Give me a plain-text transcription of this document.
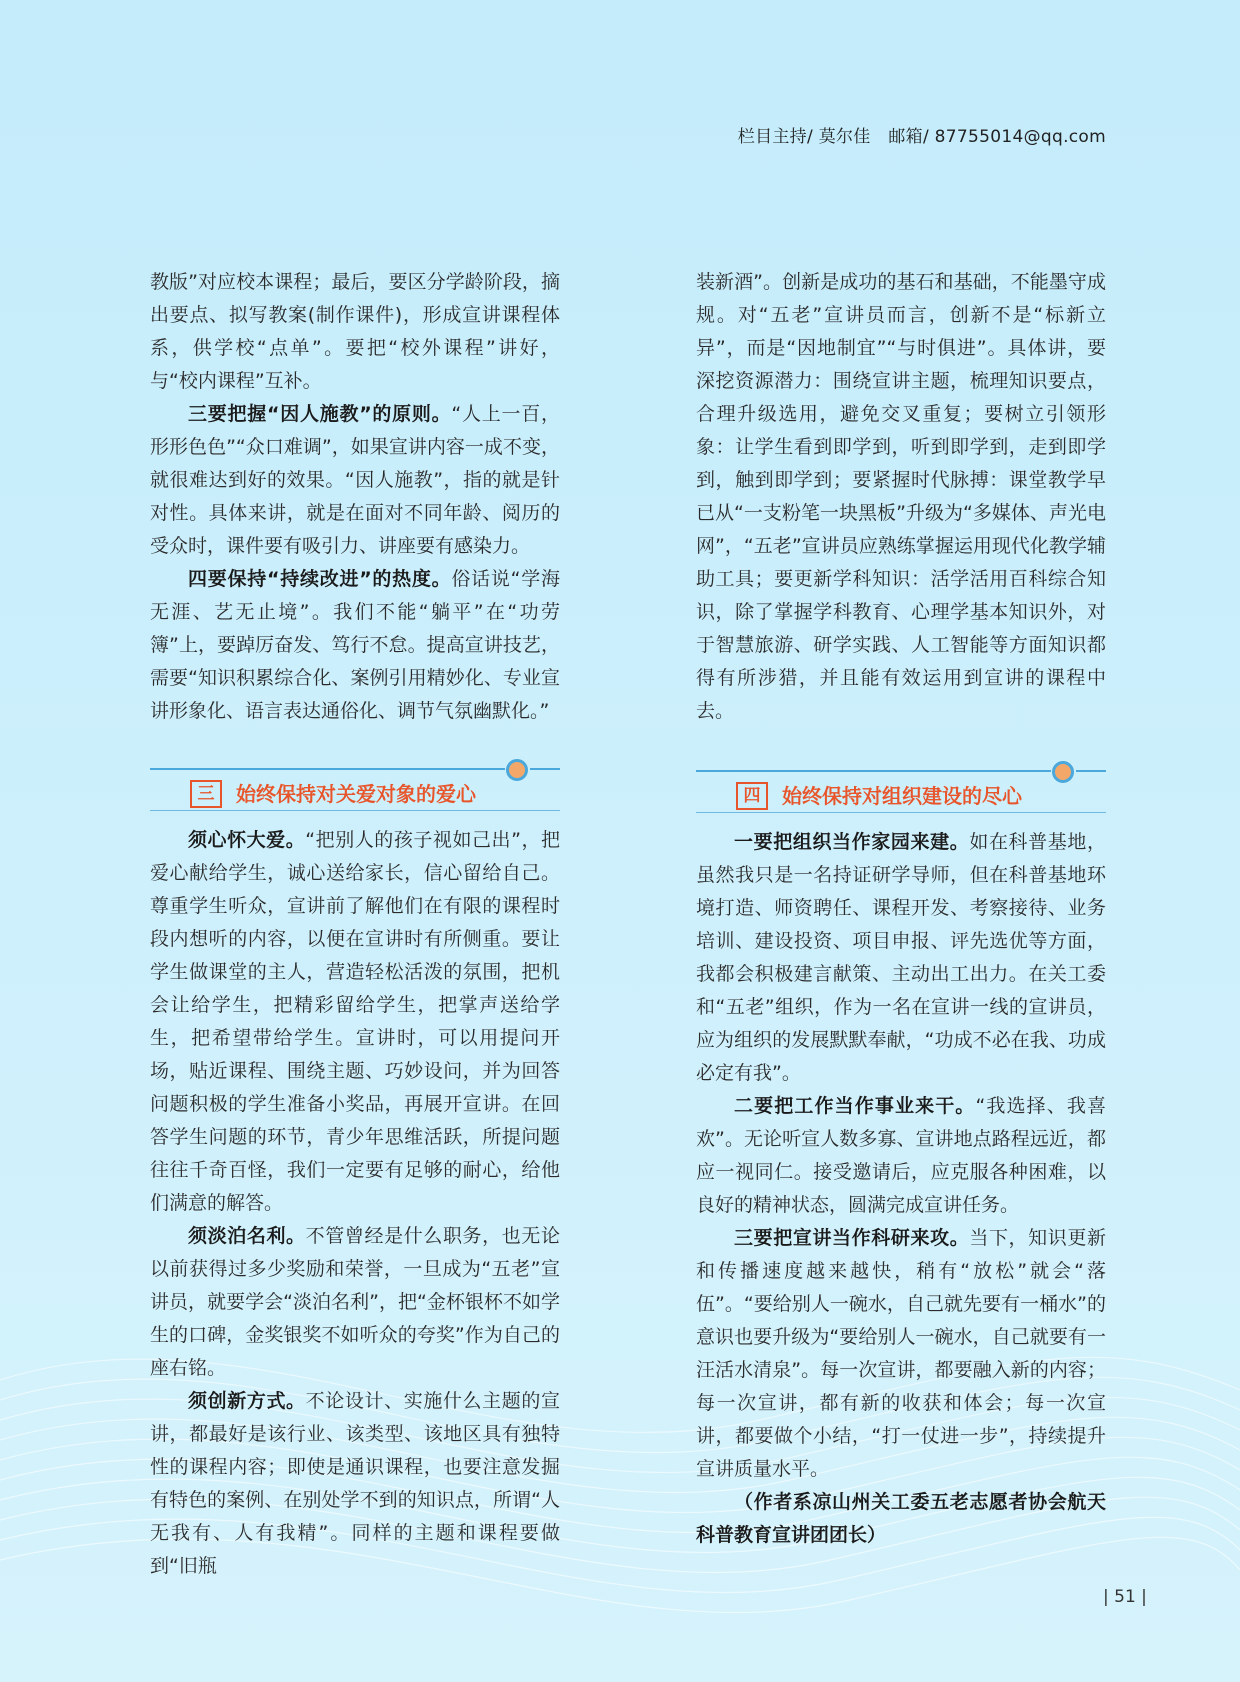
栏目主持/ 莫尔佳 邮箱/ 87755014@qq.com

教版”对应校本课程；最后，要区分学龄阶段，摘出要点、拟写教案(制作课件)，形成宣讲课程体系，供学校“点单”。要把“校外课程”讲好，与“校内课程”互补。

三要把握“因人施教”的原则。“人上一百，形形色色”“众口难调”，如果宣讲内容一成不变，就很难达到好的效果。“因人施教”，指的就是针对性。具体来讲，就是在面对不同年龄、阅历的受众时，课件要有吸引力、讲座要有感染力。

四要保持“持续改进”的热度。俗话说“学海无涯、艺无止境”。我们不能“躺平”在“功劳簿”上，要踔厉奋发、笃行不怠。提高宣讲技艺，需要“知识积累综合化、案例引用精妙化、专业宣讲形象化、语言表达通俗化、调节气氛幽默化。”

三	始终保持对关爱对象的爱心

须心怀大爱。“把别人的孩子视如己出”，把爱心献给学生，诚心送给家长，信心留给自己。尊重学生听众，宣讲前了解他们在有限的课程时段内想听的内容，以便在宣讲时有所侧重。要让学生做课堂的主人，营造轻松活泼的氛围，把机会让给学生，把精彩留给学生，把掌声送给学生，把希望带给学生。宣讲时，可以用提问开场，贴近课程、围绕主题、巧妙设问，并为回答问题积极的学生准备小奖品，再展开宣讲。在回答学生问题的环节，青少年思维活跃，所提问题往往千奇百怪，我们一定要有足够的耐心，给他们满意的解答。

须淡泊名利。不管曾经是什么职务，也无论以前获得过多少奖励和荣誉，一旦成为“五老”宣讲员，就要学会“淡泊名利”，把“金杯银杯不如学生的口碑，金奖银奖不如听众的夸奖”作为自己的座右铭。

须创新方式。不论设计、实施什么主题的宣讲，都最好是该行业、该类型、该地区具有独特性的课程内容；即使是通识课程，也要注意发掘有特色的案例、在别处学不到的知识点，所谓“人无我有、人有我精”。同样的主题和课程要做到“旧瓶

装新酒”。创新是成功的基石和基础，不能墨守成规。对“五老”宣讲员而言，创新不是“标新立异”，而是“因地制宜”“与时俱进”。具体讲，要深挖资源潜力：围绕宣讲主题，梳理知识要点，合理升级选用，避免交叉重复；要树立引领形象：让学生看到即学到，听到即学到，走到即学到，触到即学到；要紧握时代脉搏：课堂教学早已从“一支粉笔一块黑板”升级为“多媒体、声光电网”，“五老”宣讲员应熟练掌握运用现代化教学辅助工具；要更新学科知识：活学活用百科综合知识，除了掌握学科教育、心理学基本知识外，对于智慧旅游、研学实践、人工智能等方面知识都得有所涉猎，并且能有效运用到宣讲的课程中去。

四	始终保持对组织建设的尽心

一要把组织当作家园来建。如在科普基地，虽然我只是一名持证研学导师，但在科普基地环境打造、师资聘任、课程开发、考察接待、业务培训、建设投资、项目申报、评先选优等方面，我都会积极建言献策、主动出工出力。在关工委和“五老”组织，作为一名在宣讲一线的宣讲员，应为组织的发展默默奉献，“功成不必在我、功成必定有我”。

二要把工作当作事业来干。“我选择、我喜欢”。无论听宣人数多寡、宣讲地点路程远近，都应一视同仁。接受邀请后，应克服各种困难，以良好的精神状态，圆满完成宣讲任务。

三要把宣讲当作科研来攻。当下，知识更新和传播速度越来越快，稍有“放松”就会“落伍”。“要给别人一碗水，自己就先要有一桶水”的意识也要升级为“要给别人一碗水，自己就要有一汪活水清泉”。每一次宣讲，都要融入新的内容；每一次宣讲，都有新的收获和体会；每一次宣讲，都要做个小结，“打一仗进一步”，持续提升宣讲质量水平。

（作者系凉山州关工委五老志愿者协会航天科普教育宣讲团团长）

| 51 |
